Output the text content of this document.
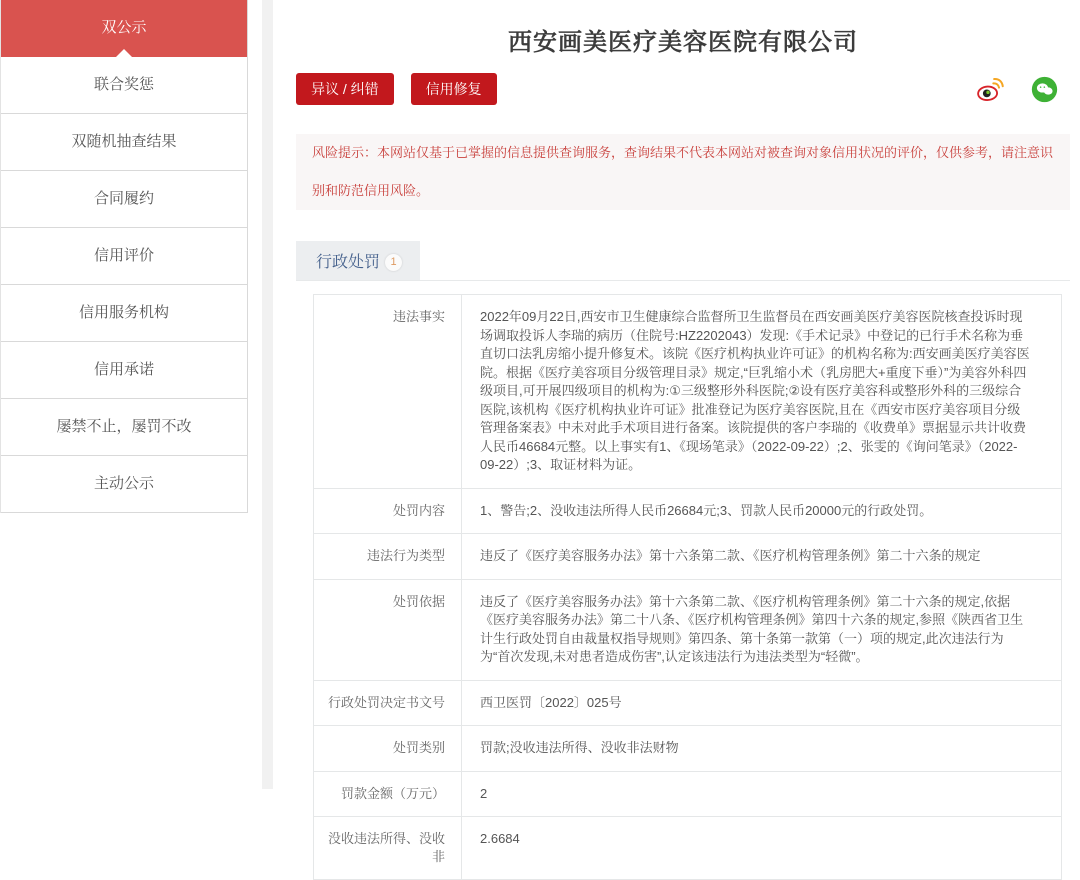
双公示
联合奖惩
双随机抽查结果
合同履约
信用评价
信用服务机构
信用承诺
屡禁不止，屡罚不改
主动公示
西安画美医疗美容医院有限公司
异议 / 纠错	信用修复
风险提示：本网站仅基于已掌握的信息提供查询服务，查询结果不代表本网站对被查询对象信用状况的评价，仅供参考，请注意识别和防范信用风险。
行政处罚 1
违法事实	2022年09月22日,西安市卫生健康综合监督所卫生监督员在西安画美医疗美容医院核查投诉时现场调取投诉人李瑞的病历（住院号:HZ2202043）发现:《手术记录》中登记的已行手术名称为垂直切口法乳房缩小提升修复术。该院《医疗机构执业许可证》的机构名称为:西安画美医疗美容医院。根据《医疗美容项目分级管理目录》规定,“巨乳缩小术（乳房肥大+重度下垂）”为美容外科四级项目,可开展四级项目的机构为:①三级整形外科医院;②设有医疗美容科或整形外科的三级综合医院,该机构《医疗机构执业许可证》批准登记为医疗美容医院,且在《西安市医疗美容项目分级管理备案表》中未对此手术项目进行备案。该院提供的客户李瑞的《收费单》票据显示共计收费人民币46684元整。以上事实有1、《现场笔录》（2022-09-22）;2、张雯的《询问笔录》（2022-09-22）;3、取证材料为证。
处罚内容	1、警告;2、没收违法所得人民币26684元;3、罚款人民币20000元的行政处罚。
违法行为类型	违反了《医疗美容服务办法》第十六条第二款、《医疗机构管理条例》第二十六条的规定
处罚依据	违反了《医疗美容服务办法》第十六条第二款、《医疗机构管理条例》第二十六条的规定,依据《医疗美容服务办法》第二十八条、《医疗机构管理条例》第四十六条的规定,参照《陕西省卫生计生行政处罚自由裁量权指导规则》第四条、第十条第一款第（一）项的规定,此次违法行为为“首次发现,未对患者造成伤害”,认定该违法行为违法类型为“轻微”。
行政处罚决定书文号	西卫医罚〔2022〕025号
处罚类别	罚款;没收违法所得、没收非法财物
罚款金额（万元）	2
没收违法所得、没收非	2.6684
